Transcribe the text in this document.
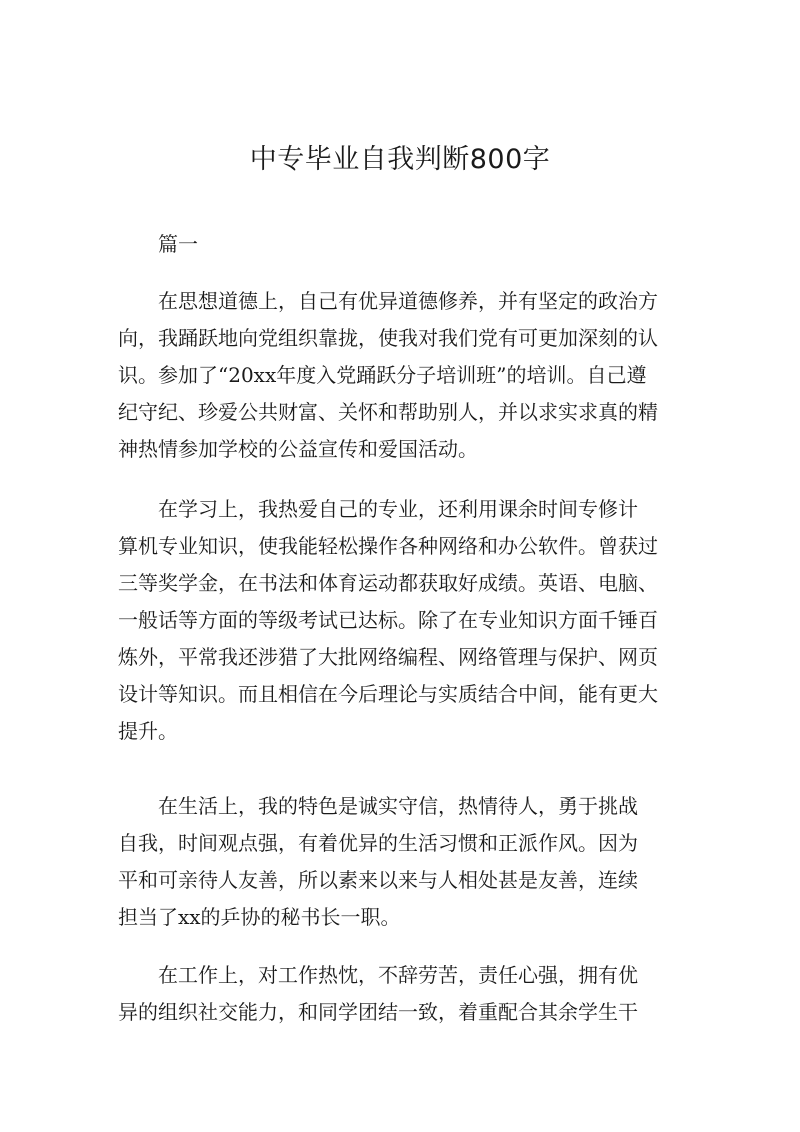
中专毕业自我判断800字
篇一
在思想道德上，自己有优异道德修养，并有坚定的政治方
向，我踊跃地向党组织靠拢，使我对我们党有可更加深刻的认
识。参加了“20xx年度入党踊跃分子培训班”的培训。自己遵
纪守纪、珍爱公共财富、关怀和帮助别人，并以求实求真的精
神热情参加学校的公益宣传和爱国活动。
在学习上，我热爱自己的专业，还利用课余时间专修计
算机专业知识，使我能轻松操作各种网络和办公软件。曾获过
三等奖学金，在书法和体育运动都获取好成绩。英语、电脑、
一般话等方面的等级考试已达标。除了在专业知识方面千锤百
炼外，平常我还涉猎了大批网络编程、网络管理与保护、网页
设计等知识。而且相信在今后理论与实质结合中间，能有更大
提升。
在生活上，我的特色是诚实守信，热情待人，勇于挑战
自我，时间观点强，有着优异的生活习惯和正派作风。因为
平和可亲待人友善，所以素来以来与人相处甚是友善，连续
担当了xx的乒协的秘书长一职。
在工作上，对工作热忱，不辞劳苦，责任心强，拥有优
异的组织社交能力，和同学团结一致，着重配合其余学生干
